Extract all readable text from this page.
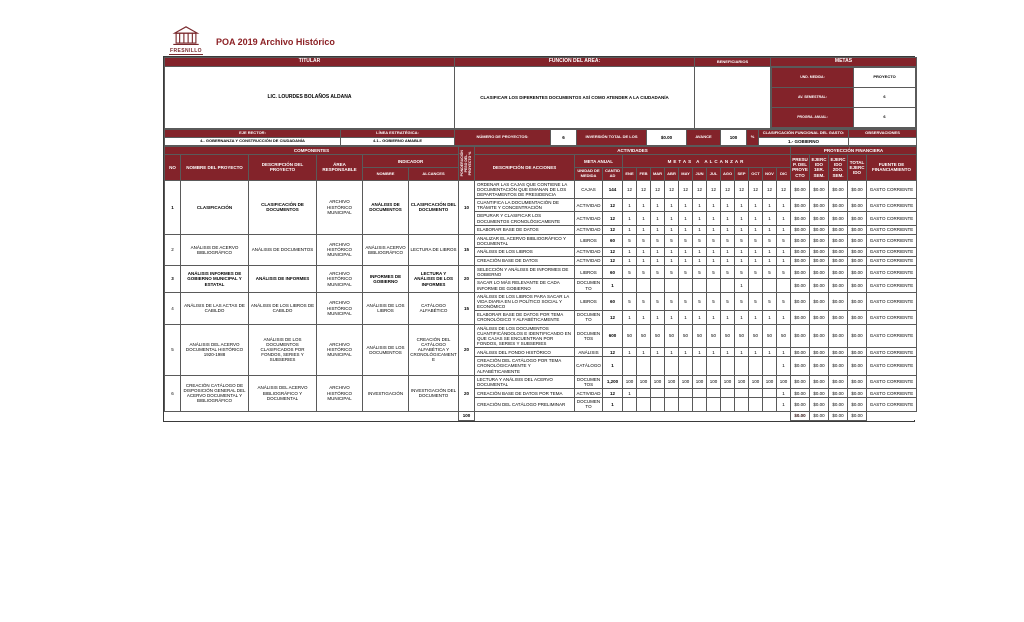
FRESNILLO
POA 2019 Archivo Histórico
TITULAR	FUNCIÓN DEL ÁREA:	BENEFICIARIOS	METAS
LIC. LOURDES BOLAÑOS ALDANA	CLASIFICAR LOS DIFERENTES DOCUMENTOS ASÍ COMO ATENDER A LA CIUDADANÍA		
UND. MEDIDA:	PROYECTO
AV. SEMESTRAL:	6
PROGRA. ANUAL:	6
EJE RECTOR:	LÍNEA ESTRATÉGICA:	NÚMERO DE PROYECTOS:	6	INVERSIÓN TOTAL DE LOS	$0.00	AVANCE	100	%	CLASIFICACIÓN FUNCIONAL DEL GASTO:	OBSERVACIONES
4.- GOBERNANZA Y CONSTRUCCIÓN DE CIUDADANÍA	4.1.- GOBIERNO AMABLE								1.- GOBIERNO	
COMPONENTES						PONDERACIÓN PESO DEL PROYECTO %	ACTIVIDADES															PROYECCIÓN FINANCIERA				
NO	NOMBRE DEL PROYECTO	DESCRIPCIÓN DEL PROYECTO	ÁREA RESPONSABLE	INDICADOR			DESCRIPCIÓN DE ACCIONES	META ANUAL		METAS A ALCANZAR												PRESUP. DEL PROYECTO	EJERCIDO 1ER. SEM.	EJERCIDO 2DO. SEM.	TOTAL EJERCIDO	FUENTE DE FINANCIAMIENTO
				NOMBRE	ALCANCES			UNIDAD DE MEDIDA	CANTIDAD	ENE	FEB	MAR	ABR	MAY	JUN	JUL	AGO	SEP	OCT	NOV	DIC					
1	CLASIFICACIÓN	CLASIFICACIÓN DE DOCUMENTOS	ARCHIVO HISTÓRICO MUNICIPAL	ANÁLISIS DE DOCUMENTOS	CLASIFICACIÓN DEL DOCUMENTO	10	ORDENAR LAS CAJAS QUE CONTIENE LA DOCUMENTACIÓN QUE EMANAN DE LOS DEPARTAMENTOS DE PRESIDENCIA	CAJAS	144	12	12	12	12	12	12	12	12	12	12	12	12	$0.00	$0.00	$0.00	$0.00	GASTO CORRIENTE
							CUANTIFICA LA DOCUMENTACIÓN DE TRÁMITE Y CONCENTRACIÓN	ACTIVIDAD	12	1	1	1	1	1	1	1	1	1	1	1	1	$0.00	$0.00	$0.00	$0.00	GASTO CORRIENTE
							DEPURAR Y CLASIFICAR LOS DOCUMENTOS CRONOLÓGICAMENTE	ACTIVIDAD	12	1	1	1	1	1	1	1	1	1	1	1	1	$0.00	$0.00	$0.00	$0.00	GASTO CORRIENTE
							ELABORAR BASE DE DATOS	ACTIVIDAD	12	1	1	1	1	1	1	1	1	1	1	1	1	$0.00	$0.00	$0.00	$0.00	GASTO CORRIENTE
2	ANÁLISIS DE ACERVO BIBLIOGRÁFICO	ANÁLISIS DE DOCUMENTOS	ARCHIVO HISTÓRICO MUNICIPAL	ANÁLISIS ACERVO BIBLIOGRÁFICO	LECTURA DE LIBROS	15	ANALIZAR EL ACERVO BIBLIOGRÁFICO Y DOCUMENTAL	LIBROS	60	5	5	5	5	5	5	5	5	5	5	5	5	$0.00	$0.00	$0.00	$0.00	GASTO CORRIENTE
							ANÁLISIS DE LOS LIBROS	ACTIVIDAD	12	1	1	1	1	1	1	1	1	1	1	1	1	$0.00	$0.00	$0.00	$0.00	GASTO CORRIENTE
							CREACIÓN BASE DE DATOS	ACTIVIDAD	12	1	1	1	1	1	1	1	1	1	1	1	1	$0.00	$0.00	$0.00	$0.00	GASTO CORRIENTE
3	ANÁLISIS INFORMES DE GOBIERNO MUNICIPAL Y ESTATAL	ANÁLISIS DE INFORMES	ARCHIVO HISTÓRICO MUNICIPAL	INFORMES DE GOBIERNO	LECTURA Y ANÁLISIS DE LOS INFORMES	20	SELECCIÓN Y ANÁLISIS DE INFORMES DE GOBIERNO	LIBROS	60	5	5	5	5	5	5	5	5	5	5	5	5	$0.00	$0.00	$0.00	$0.00	GASTO CORRIENTE
							SACAR LO MÁS RELEVANTE DE CADA INFORME DE GOBIERNO	DOCUMENTO	1									1				$0.00	$0.00	$0.00	$0.00	GASTO CORRIENTE
4	ANÁLISIS DE LAS ACTAS DE CABILDO	ANÁLISIS DE LOS LIBROS DE CABILDO	ARCHIVO HISTÓRICO MUNICIPAL	ANÁLISIS DE LOS LIBROS	CATÁLOGO ALFABÉTICO	15	ANÁLISIS DE LOS LIBROS PARA SACAR LA VIDA DIARIA EN LO POLÍTICO SOCIAL Y ECONÓMICO	LIBROS	60	5	5	5	5	5	5	5	5	5	5	5	5	$0.00	$0.00	$0.00	$0.00	GASTO CORRIENTE
							ELABORAR BASE DE DATOS POR TEMA CRONOLÓGICO Y ALFABÉTICAMENTE	DOCUMENTO	12	1	1	1	1	1	1	1	1	1	1	1	1	$0.00	$0.00	$0.00	$0.00	GASTO CORRIENTE
5	ANÁLISIS DEL ACERVO DOCUMENTAL HISTÓRICO 1920-1988	ANÁLISIS DE LOS DOCUMENTOS CLASIFICADOS POR FONDOS, SERIES Y SUBSERIES	ARCHIVO HISTÓRICO MUNICIPAL	ANÁLISIS DE LOS DOCUMENTOS	CREACIÓN DEL CATÁLOGO ALFABÉTICA Y CRONOLÓGICAMENTE	20	ANÁLISIS DE LOS DOCUMENTOS CUANTIFICÁNDOLOS E IDENTIFICANDO EN QUE CAJAS SE ENCUENTRAN POR FONDOS, SERIES Y SUBSERIES	DOCUMENTOS	600	50	50	50	50	50	50	50	50	50	50	50	50	$0.00	$0.00	$0.00	$0.00	GASTO CORRIENTE
							ANÁLISIS DEL FONDO HISTÓRICO	ANÁLISIS	12	1	1	1	1	1	1	1	1	1	1	1	1	$0.00	$0.00	$0.00	$0.00	GASTO CORRIENTE
							CREACIÓN DEL CATÁLOGO POR TEMA CRONOLÓGICAMENTE Y ALFABÉTICAMENTE	CATÁLOGO	1												1	$0.00	$0.00	$0.00	$0.00	GASTO CORRIENTE
6	CREACIÓN CATÁLOGO DE DISPOSICIÓN GENERAL DEL ACERVO DOCUMENTAL Y BIBLIOGRÁFICO	ANÁLISIS DEL ACERVO BIBLIOGRÁFICO Y DOCUMENTAL	ARCHIVO HISTÓRICO MUNICIPAL	INVESTIGACIÓN	INVESTIGACIÓN DEL DOCUMENTO	20	LECTURA Y ANÁLISIS DEL ACERVO DOCUMENTAL	DOCUMENTOS	1,200	100	100	100	100	100	100	100	100	100	100	100	100	$0.00	$0.00	$0.00	$0.00	GASTO CORRIENTE
							CREACIÓN BASE DE DATOS POR TEMA	ACTIVIDAD	12	1											1	$0.00	$0.00	$0.00	$0.00	GASTO CORRIENTE
							CREACIÓN DEL CATÁLOGO PRELIMINAR	DOCUMENTO	1												1	$0.00	$0.00	$0.00	$0.00	GASTO CORRIENTE
						100																$0.00	$0.00	$0.00	$0.00	
